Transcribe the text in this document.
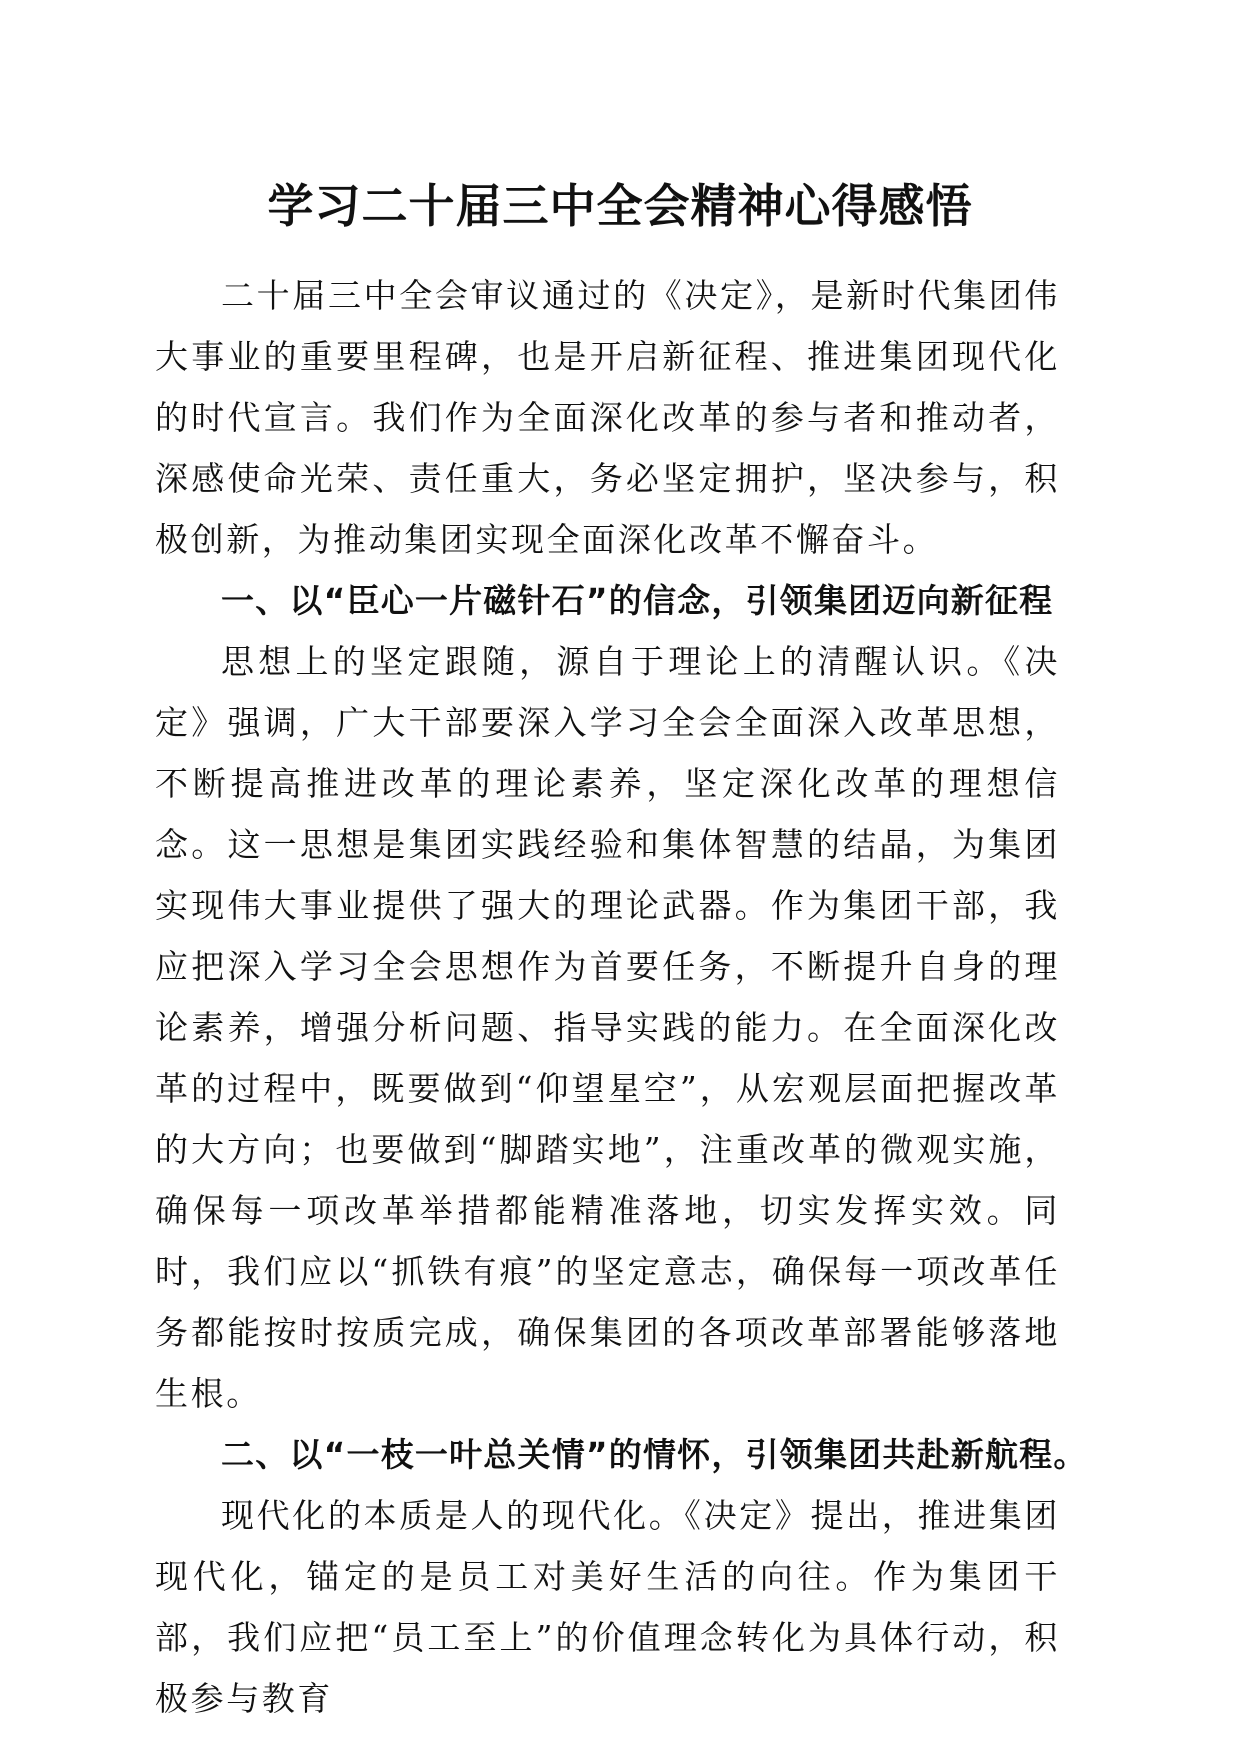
学习二十届三中全会精神心得感悟

二十届三中全会审议通过的《决定》，是新时代集团伟大事业的重要里程碑，也是开启新征程、推进集团现代化的时代宣言。我们作为全面深化改革的参与者和推动者，深感使命光荣、责任重大，务必坚定拥护，坚决参与，积极创新，为推动集团实现全面深化改革不懈奋斗。

一、以“臣心一片磁针石”的信念，引领集团迈向新征程

思想上的坚定跟随，源自于理论上的清醒认识。《决定》强调，广大干部要深入学习全会全面深入改革思想，不断提高推进改革的理论素养，坚定深化改革的理想信念。这一思想是集团实践经验和集体智慧的结晶，为集团实现伟大事业提供了强大的理论武器。作为集团干部，我应把深入学习全会思想作为首要任务，不断提升自身的理论素养，增强分析问题、指导实践的能力。在全面深化改革的过程中，既要做到“仰望星空”，从宏观层面把握改革的大方向；也要做到“脚踏实地”，注重改革的微观实施，确保每一项改革举措都能精准落地，切实发挥实效。同时，我们应以“抓铁有痕”的坚定意志，确保每一项改革任务都能按时按质完成，确保集团的各项改革部署能够落地生根。

二、以“一枝一叶总关情”的情怀，引领集团共赴新航程。

现代化的本质是人的现代化。《决定》提出，推进集团现代化，锚定的是员工对美好生活的向往。作为集团干部，我们应把“员工至上”的价值理念转化为具体行动，积极参与教育
